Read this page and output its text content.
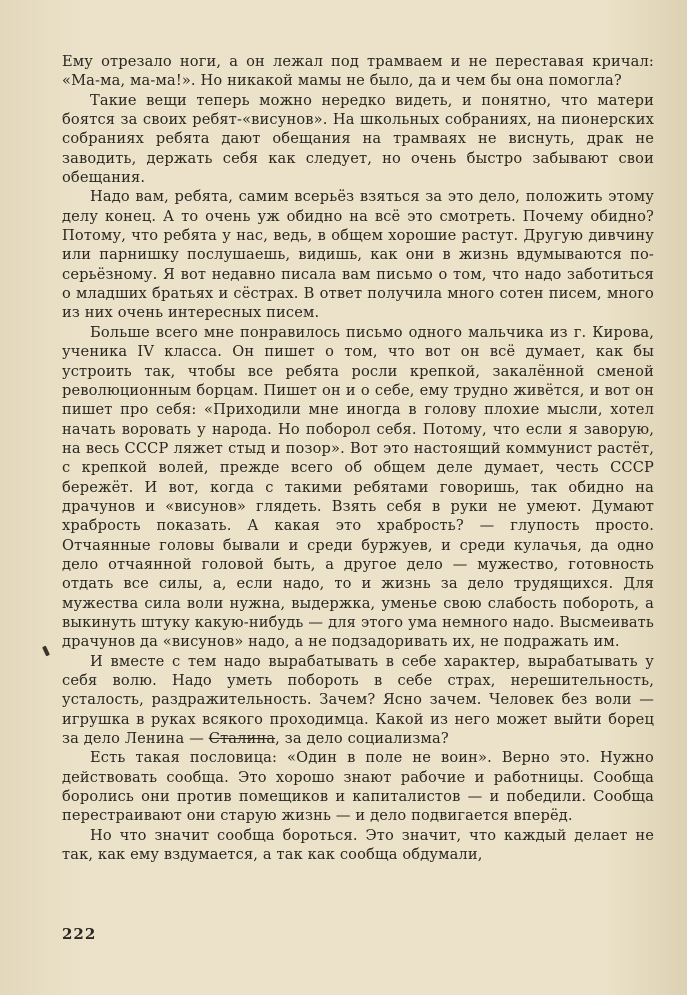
Ему отрезало ноги, а он лежал под трамваем и не переставая кричал: «Ма-ма, ма-ма!». Но никакой мамы не было, да и чем бы она помогла?

Такие вещи теперь можно нередко видеть, и понятно, что матери боятся за своих ребят-«висунов». На школьных собраниях, на пионерских собраниях ребята дают обещания на трамваях не виснуть, драк не заводить, держать себя как следует, но очень быстро забывают свои обещания.

Надо вам, ребята, самим всерьёз взяться за это дело, положить этому делу конец. А то очень уж обидно на всё это смотреть. Почему обидно? Потому, что ребята у нас, ведь, в общем хорошие растут. Другую дивчину или парнишку послушаешь, видишь, как они в жизнь вдумываются по-серьёзному. Я вот недавно писала вам письмо о том, что надо заботиться о младших братьях и сёстрах. В ответ получила много сотен писем, много из них очень интересных писем.

Больше всего мне понравилось письмо одного мальчика из г. Кирова, ученика IV класса. Он пишет о том, что вот он всё думает, как бы устроить так, чтобы все ребята росли крепкой, закалённой сменой революционным борцам. Пишет он и о себе, ему трудно живётся, и вот он пишет про себя: «Приходили мне иногда в голову плохие мысли, хотел начать воровать у народа. Но поборол себя. Потому, что если я заворую, на весь СССР ляжет стыд и позор». Вот это настоящий коммунист растёт, с крепкой волей, прежде всего об общем деле думает, честь СССР бережёт. И вот, когда с такими ребятами говоришь, так обидно на драчунов и «висунов» глядеть. Взять себя в руки не умеют. Думают храбрость показать. А какая это храбрость? — глупость просто. Отчаянные головы бывали и среди буржуев, и среди кулачья, да одно дело отчаянной головой быть, а другое дело — мужество, готовность отдать все силы, а, если надо, то и жизнь за дело трудящихся. Для мужества сила воли нужна, выдержка, уменье свою слабость побороть, а выкинуть штуку какую-нибудь — для этого ума немного надо. Высмеивать драчунов да «висунов» надо, а не подзадоривать их, не подражать им.

И вместе с тем надо вырабатывать в себе характер, вырабатывать у себя волю. Надо уметь побороть в себе страх, нерешительность, усталость, раздражительность. Зачем? Ясно зачем. Человек без воли — игрушка в руках всякого проходимца. Какой из него может выйти борец за дело Ленина — Сталина, за дело социализма?

Есть такая пословица: «Один в поле не воин». Верно это. Нужно действовать сообща. Это хорошо знают рабочие и работницы. Сообща боролись они против помещиков и капиталистов — и победили. Сообща перестраивают они старую жизнь — и дело подвигается вперёд.

Но что значит сообща бороться. Это значит, что каждый делает не так, как ему вздумается, а так как сообща обдумали,

222
